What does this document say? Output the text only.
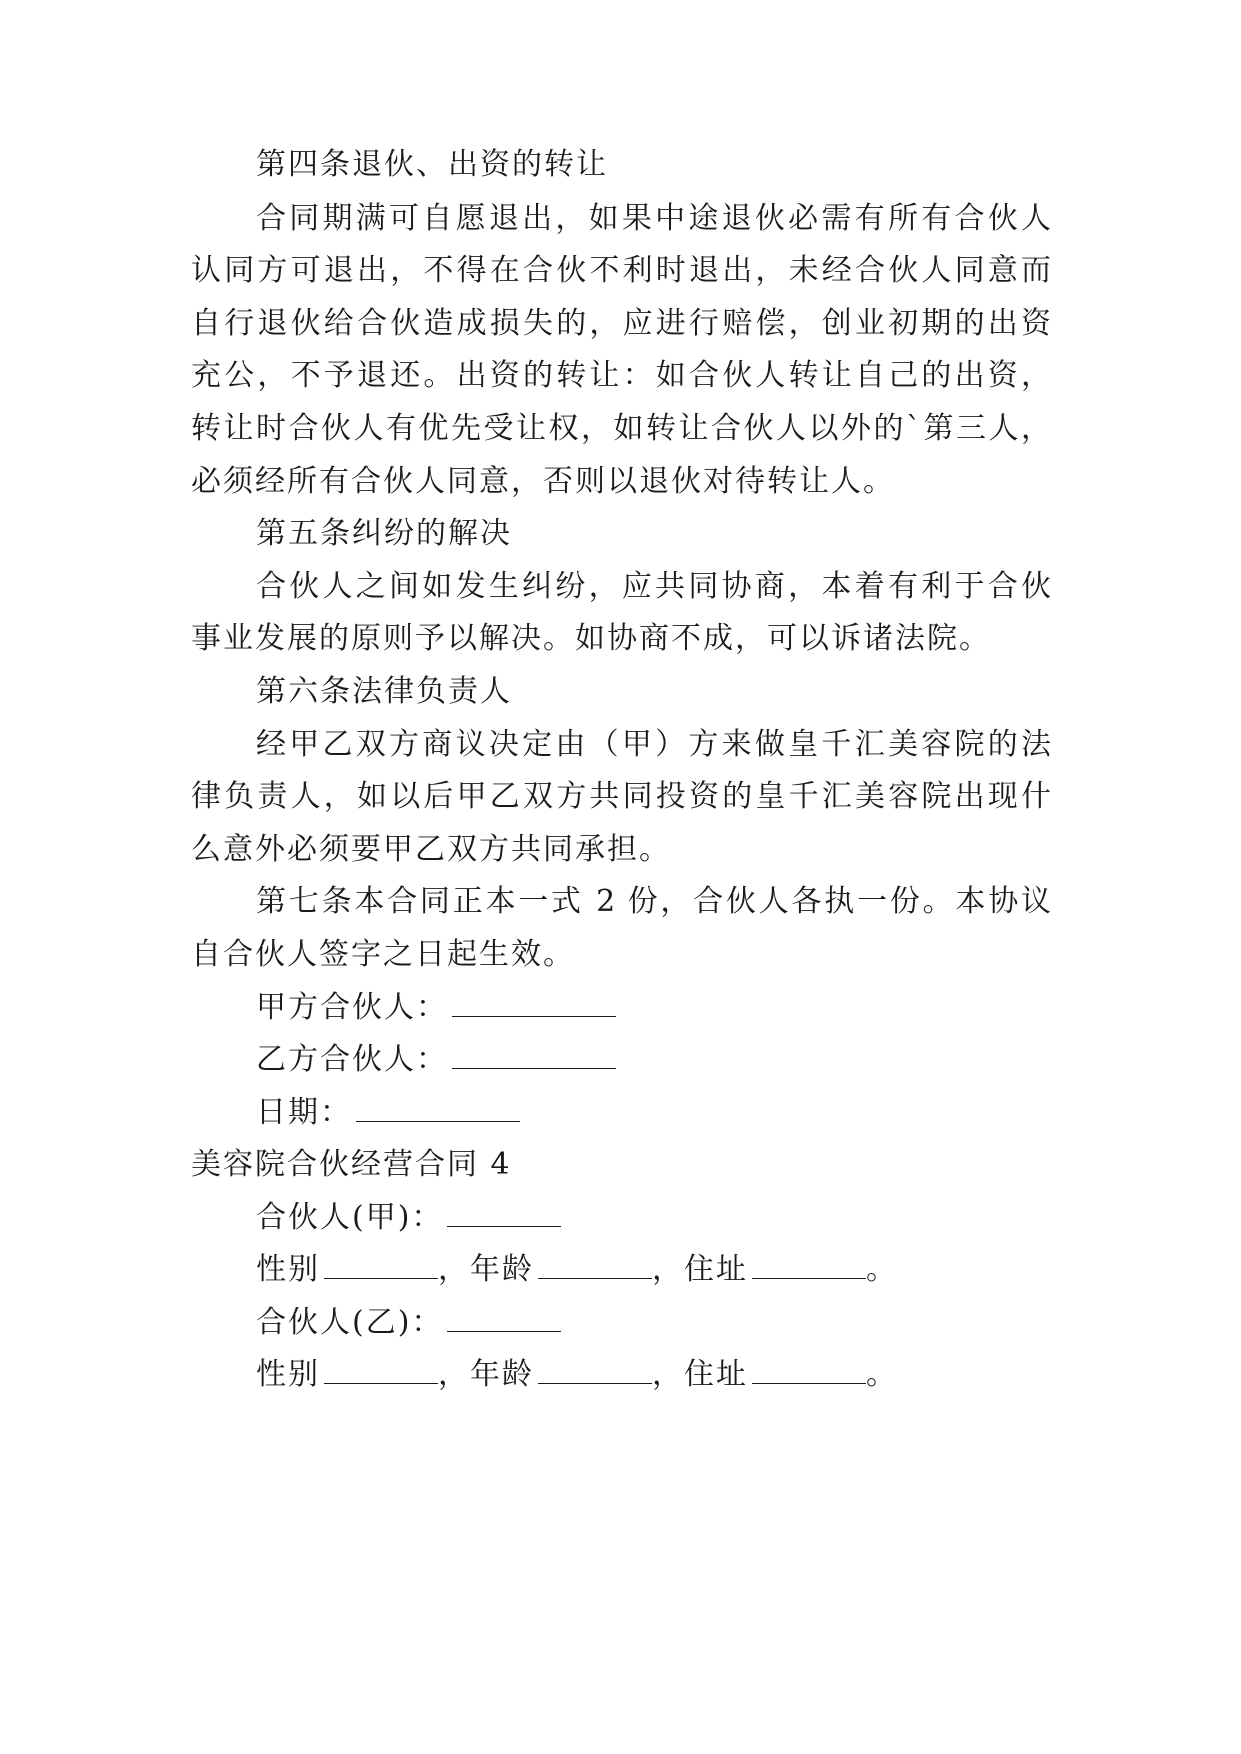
第四条退伙、出资的转让
合同期满可自愿退出，如果中途退伙必需有所有合伙人
认同方可退出，不得在合伙不利时退出，未经合伙人同意而
自行退伙给合伙造成损失的，应进行赔偿，创业初期的出资
充公，不予退还。出资的转让：如合伙人转让自己的出资，
转让时合伙人有优先受让权，如转让合伙人以外的`第三人，
必须经所有合伙人同意，否则以退伙对待转让人。
第五条纠纷的解决
合伙人之间如发生纠纷，应共同协商，本着有利于合伙
事业发展的原则予以解决。如协商不成，可以诉诸法院。
第六条法律负责人
经甲乙双方商议决定由（甲）方来做皇千汇美容院的法
律负责人，如以后甲乙双方共同投资的皇千汇美容院出现什
么意外必须要甲乙双方共同承担。
第七条本合同正本一式 2 份，合伙人各执一份。本协议
自合伙人签字之日起生效。
甲方合伙人：
乙方合伙人：
日期：
美容院合伙经营合同 4
合伙人(甲)：
性别	，年龄	，住址	。
合伙人(乙)：
性别	，年龄	，住址	。
